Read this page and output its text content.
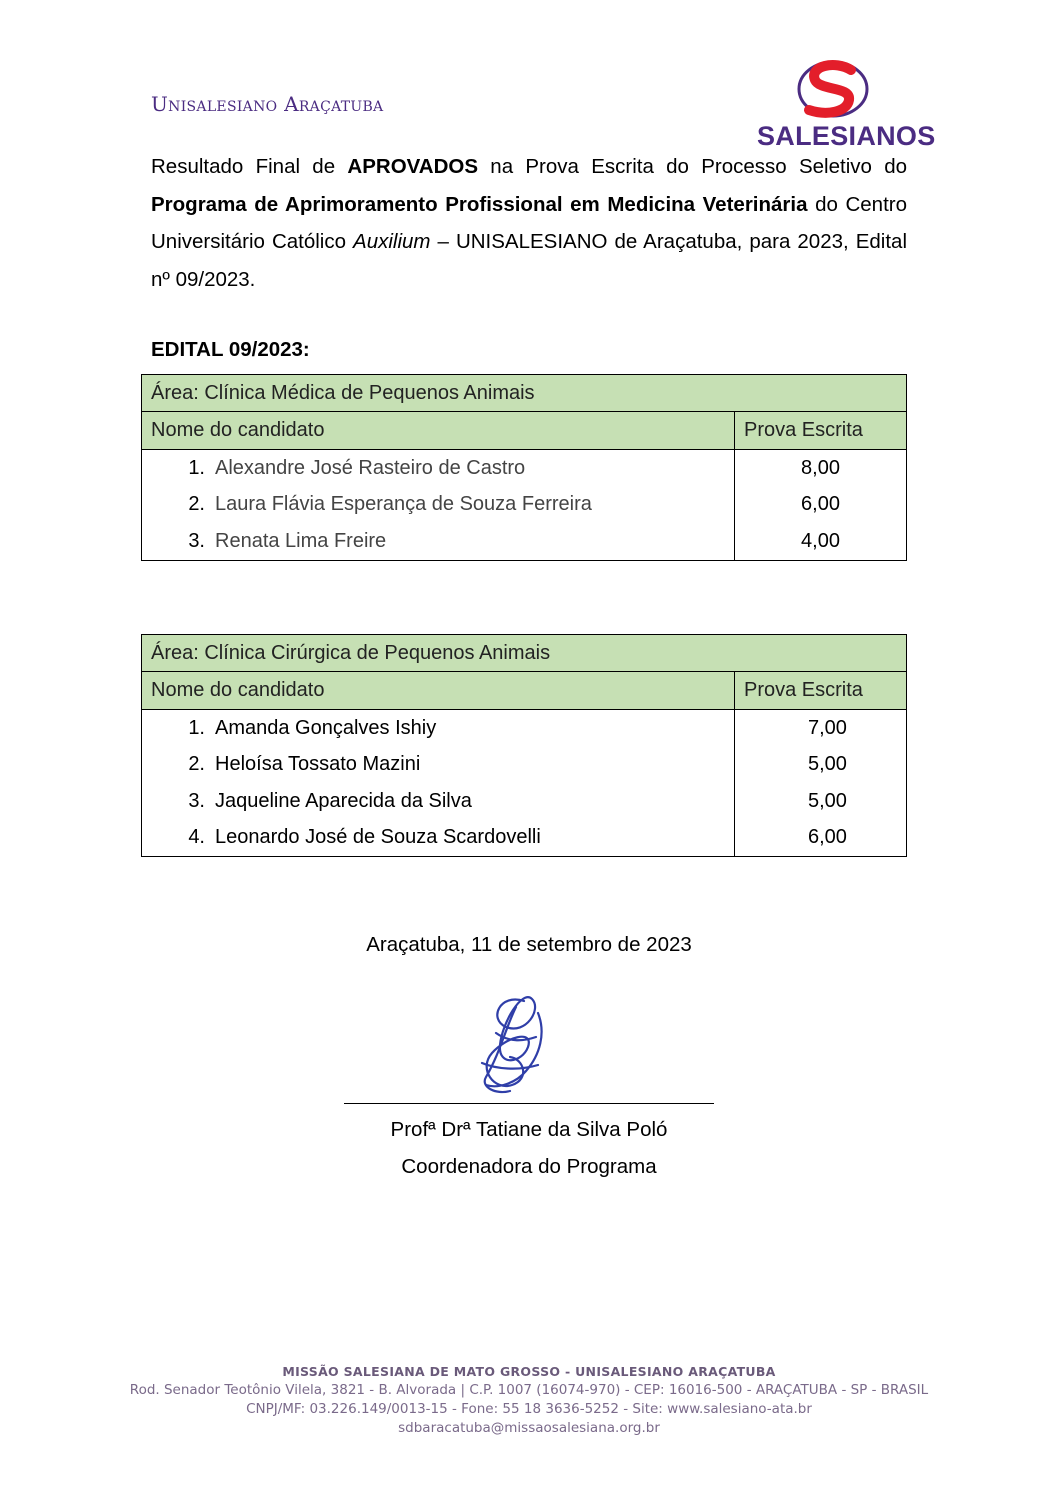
Unisalesiano Araçatuba
SALESIANOS
Resultado Final de APROVADOS na Prova Escrita do Processo Seletivo do Programa de Aprimoramento Profissional em Medicina Veterinária do Centro Universitário Católico Auxilium – UNISALESIANO de Araçatuba, para 2023, Edital nº 09/2023.
EDITAL 09/2023:
Área: Clínica Médica de Pequenos Animais	
Nome do candidato	Prova Escrita
1. Alexandre José Rasteiro de Castro	8,00
2. Laura Flávia Esperança de Souza Ferreira	6,00
3. Renata Lima Freire	4,00
Área: Clínica Cirúrgica de Pequenos Animais	
Nome do candidato	Prova Escrita
1. Amanda Gonçalves Ishiy	7,00
2. Heloísa Tossato Mazini	5,00
3. Jaqueline Aparecida da Silva	5,00
4. Leonardo José de Souza Scardovelli	6,00
Araçatuba, 11 de setembro de 2023
Profª Drª Tatiane da Silva Poló
Coordenadora do Programa
MISSÃO SALESIANA DE MATO GROSSO - UNISALESIANO ARAÇATUBA
Rod. Senador Teotônio Vilela, 3821 - B. Alvorada | C.P. 1007 (16074-970) - CEP: 16016-500 - ARAÇATUBA - SP - BRASIL
CNPJ/MF: 03.226.149/0013-15 - Fone: 55 18 3636-5252 - Site: www.salesiano-ata.br
sdbaracatuba@missaosalesiana.org.br
